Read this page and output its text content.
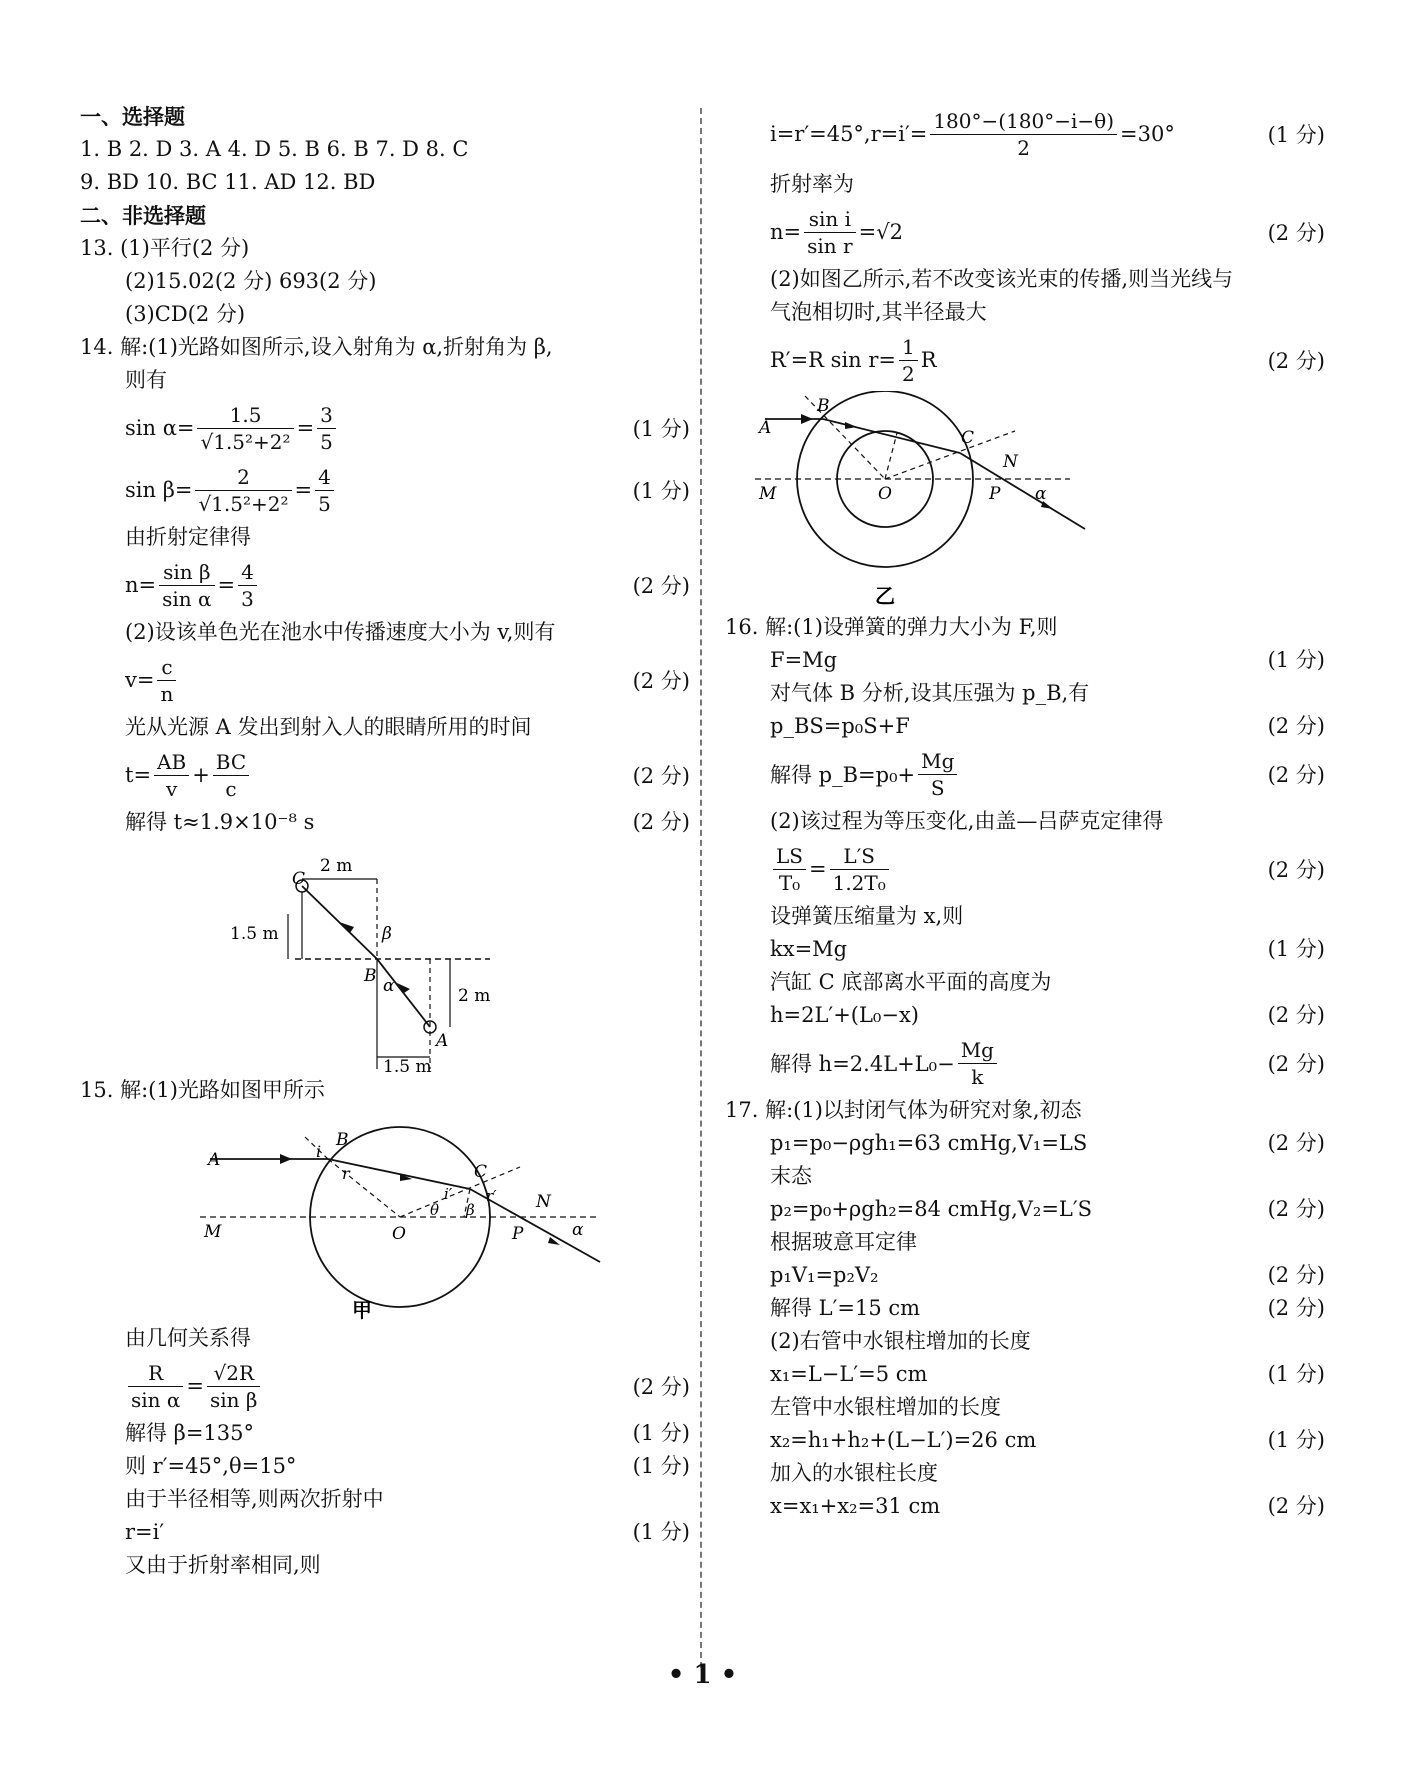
一、选择题
1. B 2. D 3. A 4. D 5. B 6. B 7. D 8. C
9. BD 10. BC 11. AD 12. BD
二、非选择题
13. (1)平行(2 分)
(2)15.02(2 分) 693(2 分)
(3)CD(2 分)
14. 解:(1)光路如图所示,设入射角为 α,折射角为 β,
则有
$\sin \alpha= \frac{1.5}{\text{√1.5²+2²}} = \frac{3}{5}$	(1 分)
$\sin \beta= \frac{2}{\text{√1.5²+2²}} = \frac{4}{5}$	(1 分)
由折射定律得
$n= \frac{\text{sin β}}{\text{sin α}} = \frac{4}{3}$	(2 分)
(2)设该单色光在池水中传播速度大小为 v,则有
$v= \frac{c}{n}$	(2 分)
光从光源 A 发出到射入人的眼睛所用的时间
$t= \frac{AB}{v} + \frac{BC}{c}$	(2 分)
解得 t≈1.9×10⁻⁸ s	(2 分)
C
2 m
1.5 m	β
B α	2 m
A
1.5 m
15. 解:(1)光路如图甲所示
A	i
B
r	C
i′ r′
θ β
M	O	P
N
α
甲
由几何关系得
$\frac{R}{\text{sin α}} = \frac{√2R}{\text{sin β}}$	(2 分)
解得 β=135°	(1 分)
则 r′=45°,θ=15°	(1 分)
由于半径相等,则两次折射中
r=i′	(1 分)
又由于折射率相同,则
$i=r'=45^\circ,r=i'= \frac{180^\circ-(180^\circ-i-\theta)}{2} =30^\circ$	(1 分)
折射率为
$n= \frac{\text{sin i}}{\text{sin r}} =√2$	(2 分)
(2)如图乙所示,若不改变该光束的传播,则当光线与
气泡相切时,其半径最大
R′=R $\sin r= \frac{1}{2}$ R	(2 分)
A
B
C
M	O	P
N
α
乙
16. 解:(1)设弹簧的弹力大小为 F,则
F=Mg	(1 分)
对气体 B 分析,设其压强为 p_B,有
p_BS=p₀S+F	(2 分)
解得 p_B=p₀+ $\frac{Mg}{S}$	(2 分)
(2)该过程为等压变化,由盖—吕萨克定律得
$\frac{LS}{\text{T₀}} = \frac{L'S}{\text{1.2T₀}}$	(2 分)
设弹簧压缩量为 x,则
kx=Mg	(1 分)
汽缸 C 底部离水平面的高度为
h=2L′+(L₀−x)	(2 分)
解得 $h=2.4L+L_0- \frac{Mg}{k}$	(2 分)
17. 解:(1)以封闭气体为研究对象,初态
p₁=p₀−ρgh₁=63 cmHg,V₁=LS	(2 分)
末态
p₂=p₀+ρgh₂=84 cmHg,V₂=L′S	(2 分)
根据玻意耳定律
p₁V₁=p₂V₂	(2 分)
解得 L′=15 cm	(2 分)
(2)右管中水银柱增加的长度
x₁=L−L′=5 cm	(1 分)
左管中水银柱增加的长度
x₂=h₁+h₂+(L−L′)=26 cm	(1 分)
加入的水银柱长度
x=x₁+x₂=31 cm	(2 分)
• 1 •
